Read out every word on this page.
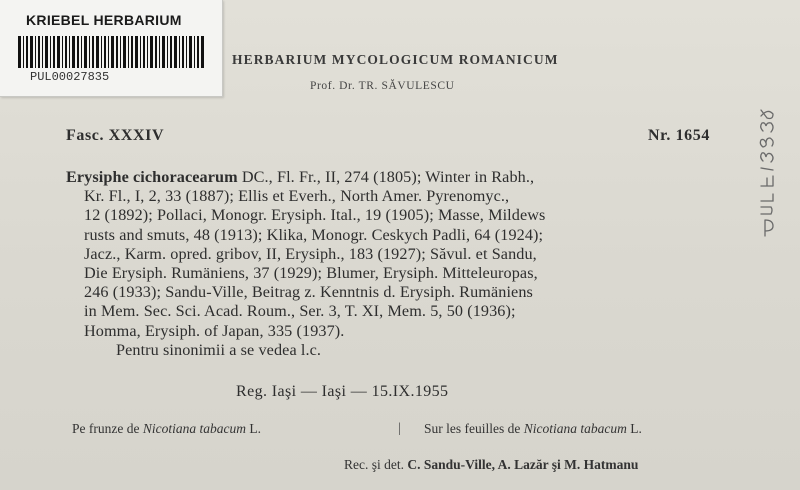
KRIEBEL HERBARIUM
PUL00027835
HERBARIUM MYCOLOGICUM ROMANICUM
Prof. Dr. TR. SĂVULESCU
Fasc. XXXIV	Nr. 1654
Erysiphe cichoracearum DC., Fl. Fr., II, 274 (1805); Winter in Rabh.,
Kr. Fl., I, 2, 33 (1887); Ellis et Everh., North Amer. Pyrenomyc.,
12 (1892); Pollaci, Monogr. Erysiph. Ital., 19 (1905); Masse, Mildews
rusts and smuts, 48 (1913); Klika, Monogr. Ceskych Padli, 64 (1924);
Jacz., Karm. opred. gribov, II, Erysiph., 183 (1927); Săvul. et Sandu,
Die Erysiph. Rumäniens, 37 (1929); Blumer, Erysiph. Mitteleuropas,
246 (1933); Sandu-Ville, Beitrag z. Kenntnis d. Erysiph. Rumäniens
in Mem. Sec. Sci. Acad. Roum., Ser. 3, T. XI, Mem. 5, 50 (1936);
Homma, Erysiph. of Japan, 335 (1937).
Pentru sinonimii a se vedea l.c.
Reg. Iaşi — Iaşi — 15.IX.1955
Pe frunze de Nicotiana tabacum L.	| Sur les feuilles de Nicotiana tabacum L.
Rec. şi det. C. Sandu-Ville, A. Lazăr şi M. Hatmanu
